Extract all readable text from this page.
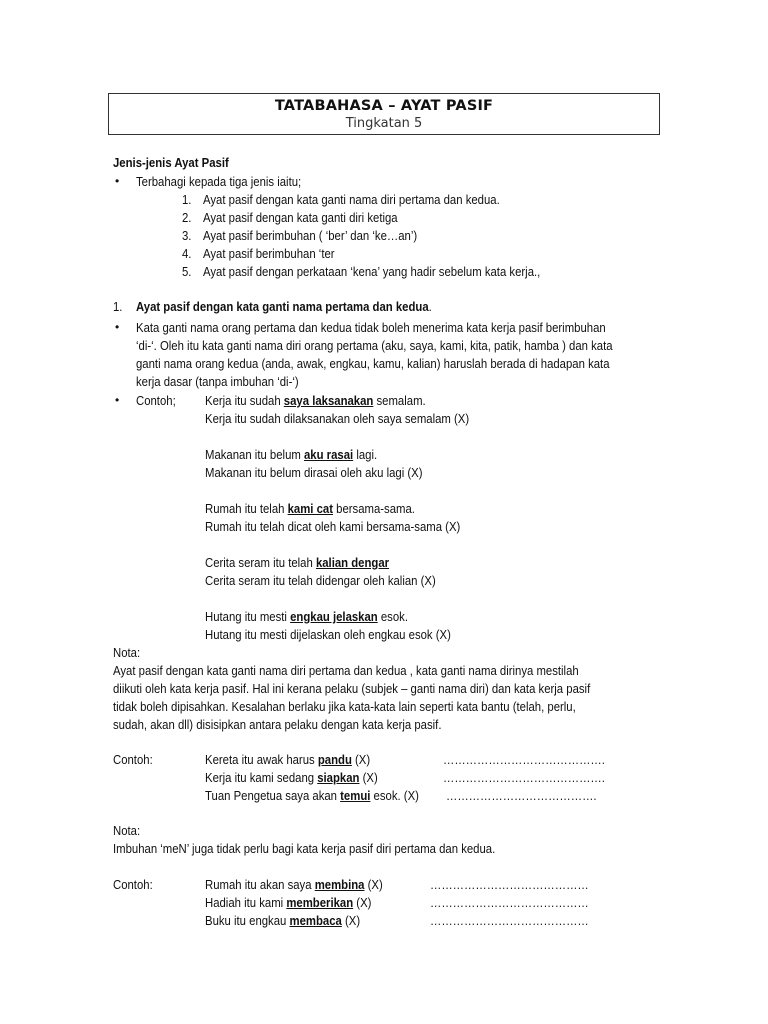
TATABAHASA – AYAT PASIF
Tingkatan 5
Jenis-jenis Ayat Pasif
• Terbahagi kepada tiga jenis iaitu;
1. Ayat pasif dengan kata ganti nama diri pertama dan kedua.
2. Ayat pasif dengan kata ganti diri ketiga
3. Ayat pasif berimbuhan ( ‘ber’ dan ‘ke…an’)
4. Ayat pasif berimbuhan ‘ter
5. Ayat pasif dengan perkataan ‘kena’ yang hadir sebelum kata kerja.,
1. Ayat pasif dengan kata ganti nama pertama dan kedua.
• Kata ganti nama orang pertama dan kedua tidak boleh menerima kata kerja pasif berimbuhan
‘di-‘. Oleh itu kata ganti nama diri orang pertama (aku, saya, kami, kita, patik, hamba ) dan kata
ganti nama orang kedua (anda, awak, engkau, kamu, kalian) haruslah berada di hadapan kata
kerja dasar (tanpa imbuhan ‘di-‘)
• Contoh; Kerja itu sudah saya laksanakan semalam.
Kerja itu sudah dilaksanakan oleh saya semalam (X)
Makanan itu belum aku rasai lagi.
Makanan itu belum dirasai oleh aku lagi (X)
Rumah itu telah kami cat bersama-sama.
Rumah itu telah dicat oleh kami bersama-sama (X)
Cerita seram itu telah kalian dengar
Cerita seram itu telah didengar oleh kalian (X)
Hutang itu mesti engkau jelaskan esok.
Hutang itu mesti dijelaskan oleh engkau esok (X)
Nota:
Ayat pasif dengan kata ganti nama diri pertama dan kedua , kata ganti nama dirinya mestilah
diikuti oleh kata kerja pasif. Hal ini kerana pelaku (subjek – ganti nama diri) dan kata kerja pasif
tidak boleh dipisahkan. Kesalahan berlaku jika kata-kata lain seperti kata bantu (telah, perlu,
sudah, akan dll) disisipkan antara pelaku dengan kata kerja pasif.
Contoh:	Kereta itu awak harus pandu (X)	…………………………………….
Kerja itu kami sedang siapkan (X)	…………………………………….
Tuan Pengetua saya akan temui esok. (X) ………………………………….
Nota:
Imbuhan ‘meN’ juga tidak perlu bagi kata kerja pasif diri pertama dan kedua.
Contoh:	Rumah itu akan saya membina (X)	……………………………………
Hadiah itu kami memberikan (X)	……………………………………
Buku itu engkau membaca (X)	……………………………………
